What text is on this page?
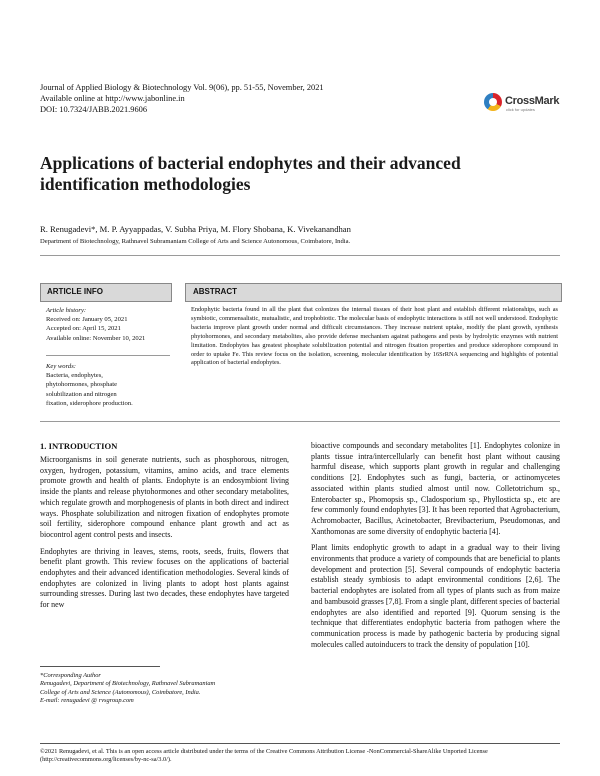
Journal of Applied Biology & Biotechnology Vol. 9(06), pp. 51-55, November, 2021
Available online at http://www.jabonline.in
DOI: 10.7324/JABB.2021.9606
CrossMark
click for updates
Applications of bacterial endophytes and their advanced identification methodologies
R. Renugadevi*, M. P. Ayyappadas, V. Subha Priya, M. Flory Shobana, K. Vivekanandhan
Department of Biotechnology, Rathnavel Subramaniam College of Arts and Science Autonomous, Coimbatore, India.
ARTICLE INFO
Article history:
Received on: January 05, 2021
Accepted on: April 15, 2021
Available online: November 10, 2021
Key words:
Bacteria, endophytes,
phytohormones, phosphate
solubilization and nitrogen
fixation, siderophore production.
ABSTRACT
Endophytic bacteria found in all the plant that colonizes the internal tissues of their host plant and establish different relationships, such as symbiotic, commensalistic, mutualistic, and trophobiotic. The molecular basis of endophytic interactions is still not well understood. Endophytic bacteria improve plant growth under normal and difficult circumstances. They increase nutrient uptake, modify the plant growth, synthesis phytohormones, and secondary metabolites, also provide defense mechanism against pathogens and pests by hydrolytic enzymes with nutrient limitation. Endophytes has greatest phosphate solubilization potential and nitrogen fixation properties and produce siderophore compound in order to uptake Fe. This review focus on the isolation, screening, molecular identification by 16SrRNA sequencing and highlights of potential application of bacterial endophytes.
1. INTRODUCTION

Microorganisms in soil generate nutrients, such as phosphorous, nitrogen, oxygen, hydrogen, potassium, vitamins, amino acids, and trace elements promote growth and health of plants. Endophyte is an endosymbiont living inside the plants and release phytohormones and other secondary metabolites, which regulate growth and morphogenesis of plants in both direct and indirect ways. Phosphate solubilization and nitrogen fixation of endophytes promote soil fertility, siderophore compound enhance plant growth and act as biocontrol agent control pests and insects.

Endophytes are thriving in leaves, stems, roots, seeds, fruits, flowers that benefit plant growth. This review focuses on the applications of bacterial endophytes and their advanced identification methodologies. Several kinds of endophytes are colonized in living plants to adopt host plants against surrounding stresses. During last two decades, these endophytes have targeted for new

bioactive compounds and secondary metabolites [1]. Endophytes colonize in plants tissue intra/intercellularly can benefit host plant without causing harmful disease, which supports plant growth in regular and challenging conditions [2]. Endophytes such as fungi, bacteria, or actinomycetes associated within plants studied almost until now. Colletotrichum sp., Enterobacter sp., Phomopsis sp., Cladosporium sp., Phyllosticta sp., etc are few commonly found endophytes [3]. It has been reported that Agrobacterium, Achromobacter, Bacillus, Acinetobacter, Brevibacterium, Pseudomonas, and Xanthomonas are some diversity of endophytic bacteria [4].

Plant limits endophytic growth to adapt in a gradual way to their living environments that produce a variety of compounds that are beneficial to plants development and protection [5]. Several compounds of endophytic bacteria establish steady symbiosis to adapt environmental conditions [2,6]. The bacterial endophytes are isolated from all types of plants such as from maize and bambusoid grasses [7,8]. From a single plant, different species of bacterial endophytes are also identified and reported [9]. Quorum sensing is the technique that differentiates endophytic bacteria from pathogen where the communication process is made by pathogenic bacteria by producing signal molecules called autoinducers to track the density of population [10].

*Corresponding Author
Renugadevi, Department of Biotechnology, Rathnavel Subramaniam
College of Arts and Science (Autonomous), Coimbatore, India.
E-mail: renugadevi @ rvsgroup.com
©2021 Renugadevi, et al. This is an open access article distributed under the terms of the Creative Commons Attribution License -NonCommercial-ShareAlike Unported License (http://creativecommons.org/licenses/by-nc-sa/3.0/).
